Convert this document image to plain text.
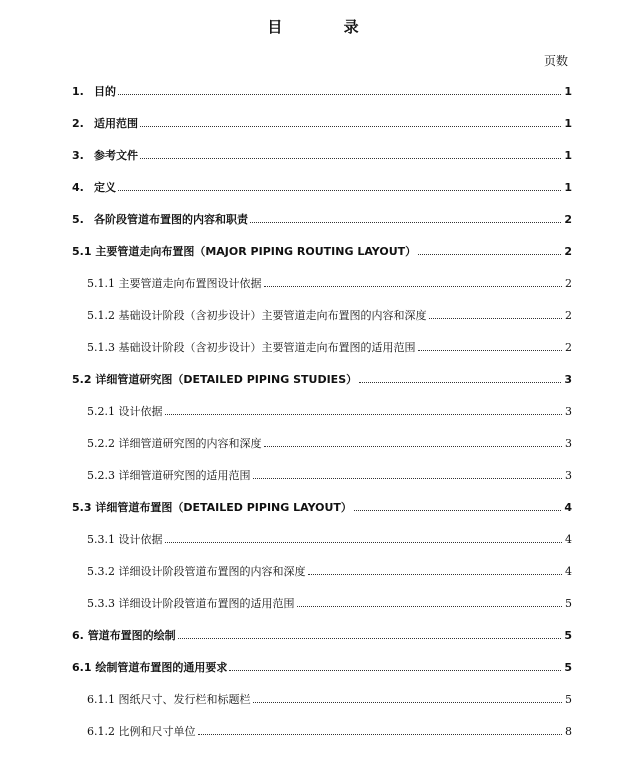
目 录
页数
1. 目的	1
2. 适用范围	1
3. 参考文件	1
4. 定义	1
5. 各阶段管道布置图的内容和职责	2
5.1 主要管道走向布置图（MAJOR PIPING ROUTING LAYOUT）	2
5.1.1 主要管道走向布置图设计依据	2
5.1.2 基础设计阶段（含初步设计）主要管道走向布置图的内容和深度	2
5.1.3 基础设计阶段（含初步设计）主要管道走向布置图的适用范围	2
5.2 详细管道研究图（DETAILED PIPING STUDIES）	3
5.2.1 设计依据	3
5.2.2 详细管道研究图的内容和深度	3
5.2.3 详细管道研究图的适用范围	3
5.3 详细管道布置图（DETAILED PIPING LAYOUT）	4
5.3.1 设计依据	4
5.3.2 详细设计阶段管道布置图的内容和深度	4
5.3.3 详细设计阶段管道布置图的适用范围	5
6. 管道布置图的绘制	5
6.1 绘制管道布置图的通用要求	5
6.1.1 图纸尺寸、发行栏和标题栏	5
6.1.2 比例和尺寸单位	8
